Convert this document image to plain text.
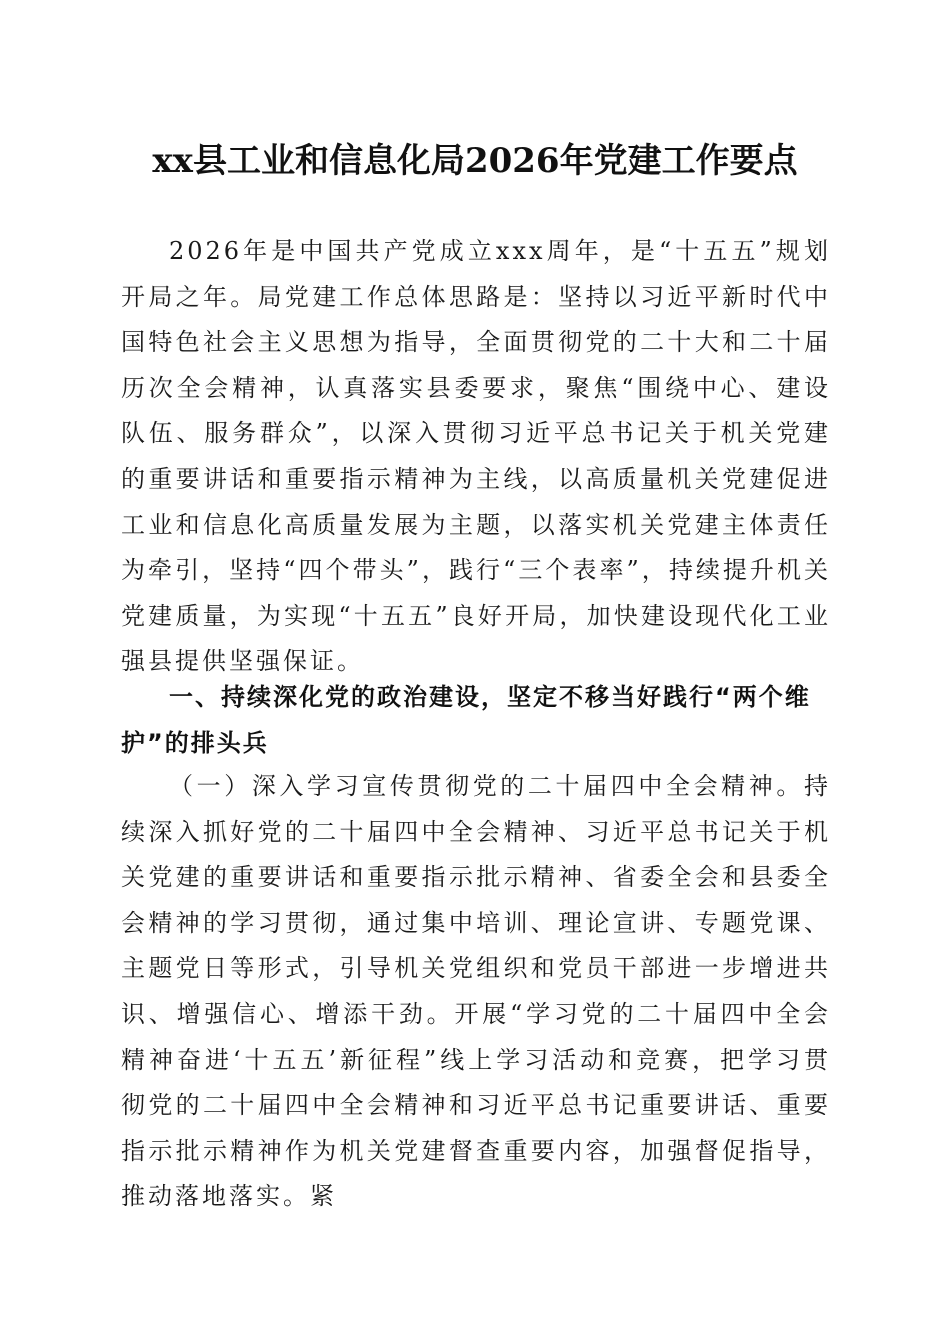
xx县工业和信息化局2026年党建工作要点

2026年是中国共产党成立xxx周年，是“十五五”规划开局之年。局党建工作总体思路是：坚持以习近平新时代中国特色社会主义思想为指导，全面贯彻党的二十大和二十届历次全会精神，认真落实县委要求，聚焦“围绕中心、建设队伍、服务群众”，以深入贯彻习近平总书记关于机关党建的重要讲话和重要指示精神为主线，以高质量机关党建促进工业和信息化高质量发展为主题，以落实机关党建主体责任为牵引，坚持“四个带头”，践行“三个表率”，持续提升机关党建质量，为实现“十五五”良好开局，加快建设现代化工业强县提供坚强保证。

一、持续深化党的政治建设，坚定不移当好践行“两个维护”的排头兵

（一）深入学习宣传贯彻党的二十届四中全会精神。持续深入抓好党的二十届四中全会精神、习近平总书记关于机关党建的重要讲话和重要指示批示精神、省委全会和县委全会精神的学习贯彻，通过集中培训、理论宣讲、专题党课、主题党日等形式，引导机关党组织和党员干部进一步增进共识、增强信心、增添干劲。开展“学习党的二十届四中全会精神奋进‘十五五’新征程”线上学习活动和竞赛，把学习贯彻党的二十届四中全会精神和习近平总书记重要讲话、重要指示批示精神作为机关党建督查重要内容，加强督促指导，推动落地落实。紧
